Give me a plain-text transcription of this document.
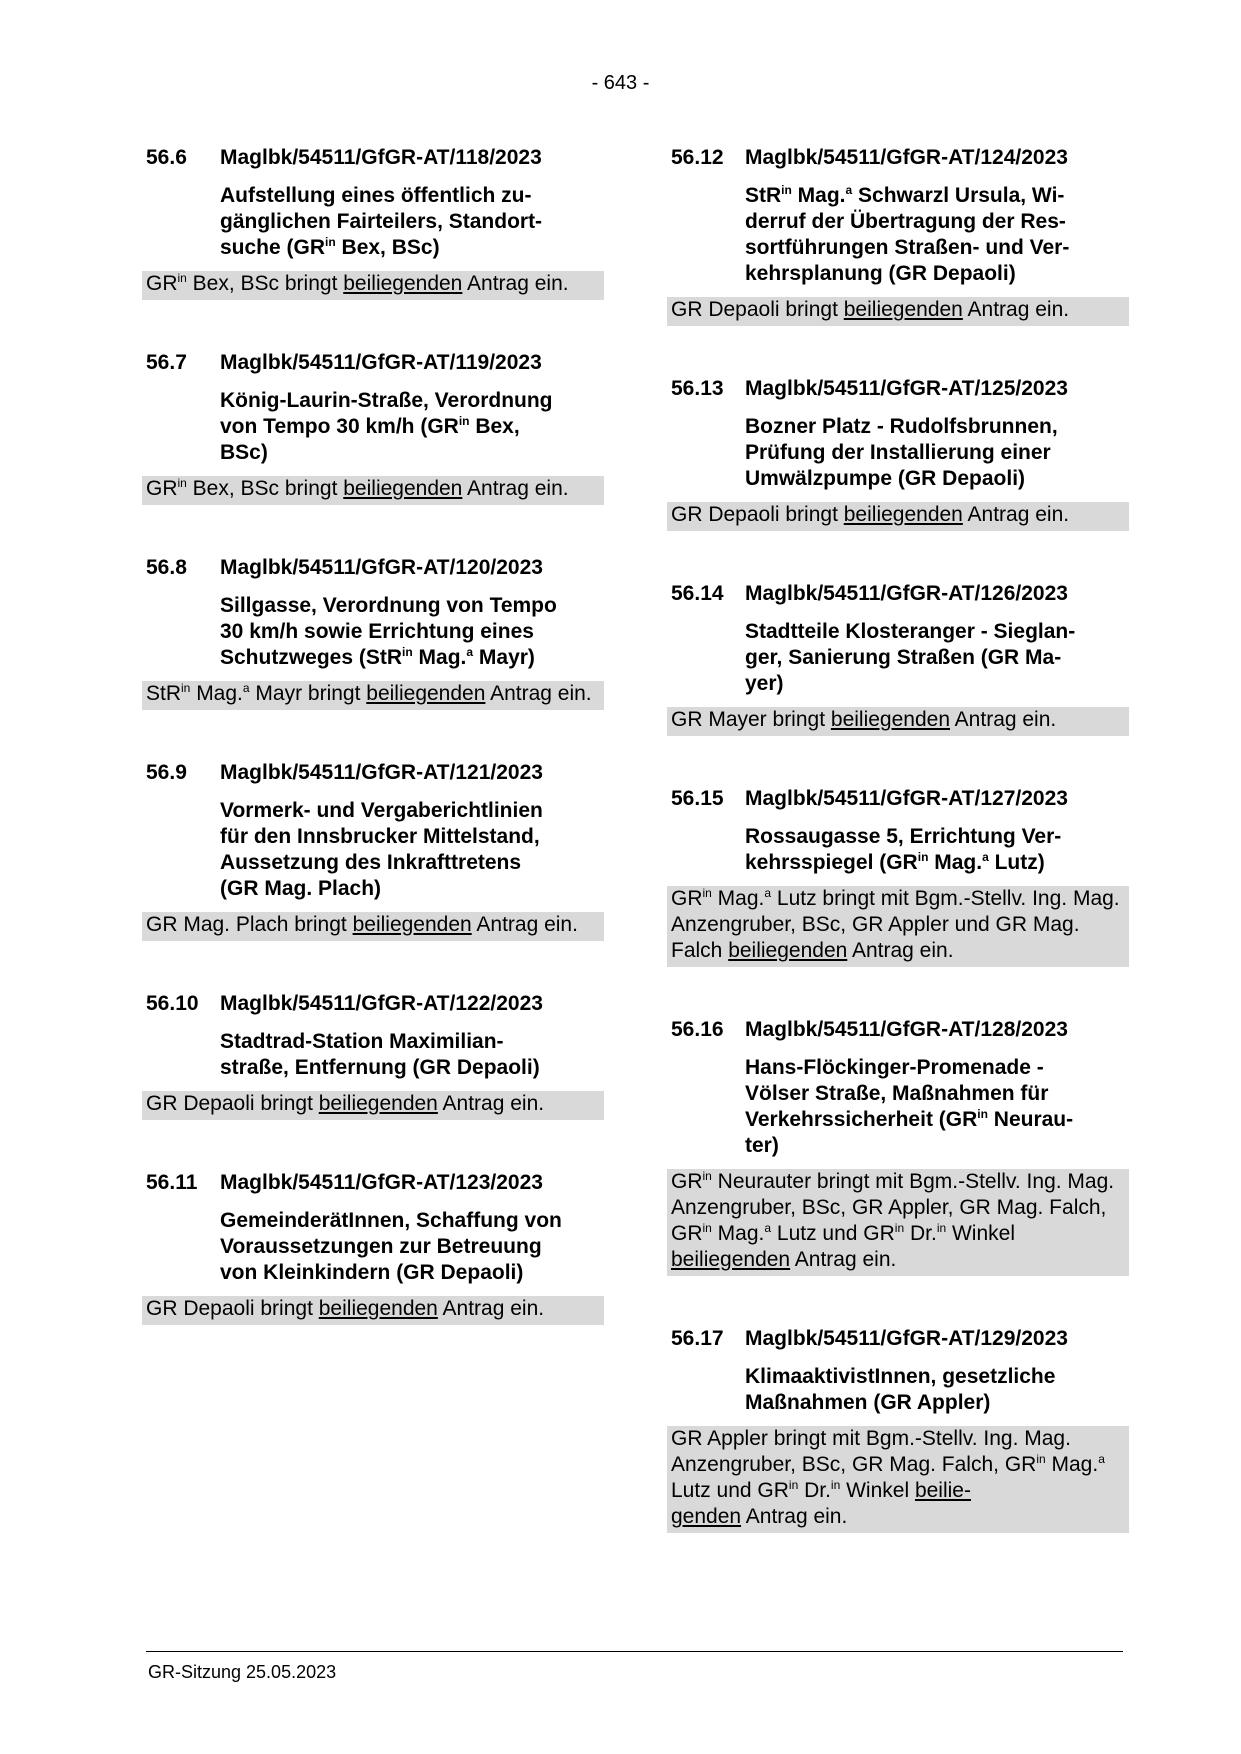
- 643 -
56.6	Maglbk/54511/GfGR-AT/118/2023
Aufstellung eines öffentlich zu-
gänglichen Fairteilers, Standort-
suche ($GR^{in}$ Bex, BSc)
$GR^{in}$ Bex, BSc bringt beiliegenden Antrag ein.
56.7	Maglbk/54511/GfGR-AT/119/2023
König-Laurin-Straße, Verordnung
von Tempo 30 km/h ($GR^{in}$ Bex,
BSc)
$GR^{in}$ Bex, BSc bringt beiliegenden Antrag ein.
56.8	Maglbk/54511/GfGR-AT/120/2023
Sillgasse, Verordnung von Tempo
30 km/h sowie Errichtung eines
Schutzweges (StR$^{in}$ Mag.$^a$ Mayr)
StR$^{in}$ Mag.$^a$ Mayr bringt beiliegenden Antrag ein.
56.9	Maglbk/54511/GfGR-AT/121/2023
Vormerk- und Vergaberichtlinien
für den Innsbrucker Mittelstand,
Aussetzung des Inkrafttretens
(GR Mag. Plach)
GR Mag. Plach bringt beiliegenden Antrag ein.
56.10	Maglbk/54511/GfGR-AT/122/2023
Stadtrad-Station Maximilian-
straße, Entfernung (GR Depaoli)
GR Depaoli bringt beiliegenden Antrag ein.
56.11	Maglbk/54511/GfGR-AT/123/2023
GemeinderätInnen, Schaffung von
Voraussetzungen zur Betreuung
von Kleinkindern (GR Depaoli)
GR Depaoli bringt beiliegenden Antrag ein.
56.12	Maglbk/54511/GfGR-AT/124/2023
StR$^{in}$ Mag.$^a$ Schwarzl Ursula, Wi-
derruf der Übertragung der Res-
sortführungen Straßen- und Ver-
kehrsplanung (GR Depaoli)
GR Depaoli bringt beiliegenden Antrag ein.
56.13	Maglbk/54511/GfGR-AT/125/2023
Bozner Platz - Rudolfsbrunnen,
Prüfung der Installierung einer
Umwälzpumpe (GR Depaoli)
GR Depaoli bringt beiliegenden Antrag ein.
56.14	Maglbk/54511/GfGR-AT/126/2023
Stadtteile Klosteranger - Sieglan-
ger, Sanierung Straßen (GR Ma-
yer)
GR Mayer bringt beiliegenden Antrag ein.
56.15	Maglbk/54511/GfGR-AT/127/2023
Rossaugasse 5, Errichtung Ver-
kehrsspiegel ($GR^{in}$ Mag.$^a$ Lutz)
$GR^{in}$ Mag.$^a$ Lutz bringt mit Bgm.-Stellv. Ing. Mag. Anzengruber, BSc, GR Appler und GR Mag. Falch beiliegenden Antrag ein.
56.16	Maglbk/54511/GfGR-AT/128/2023
Hans-Flöckinger-Promenade -
Völser Straße, Maßnahmen für
Verkehrssicherheit ($GR^{in}$ Neurau-
ter)
$GR^{in}$ Neurauter bringt mit Bgm.-Stellv. Ing. Mag. Anzengruber, BSc, GR Appler, GR Mag. Falch, $GR^{in}$ Mag.$^a$ Lutz und $GR^{in}$ Dr.$^{in}$ Winkel beiliegenden Antrag ein.
56.17	Maglbk/54511/GfGR-AT/129/2023
KlimaaktivistInnen, gesetzliche
Maßnahmen (GR Appler)
GR Appler bringt mit Bgm.-Stellv. Ing. Mag. Anzengruber, BSc, GR Mag. Falch, $GR^{in}$ Mag.$^a$ Lutz und $GR^{in}$ Dr.$^{in}$ Winkel beilie-
genden Antrag ein.
GR-Sitzung 25.05.2023
